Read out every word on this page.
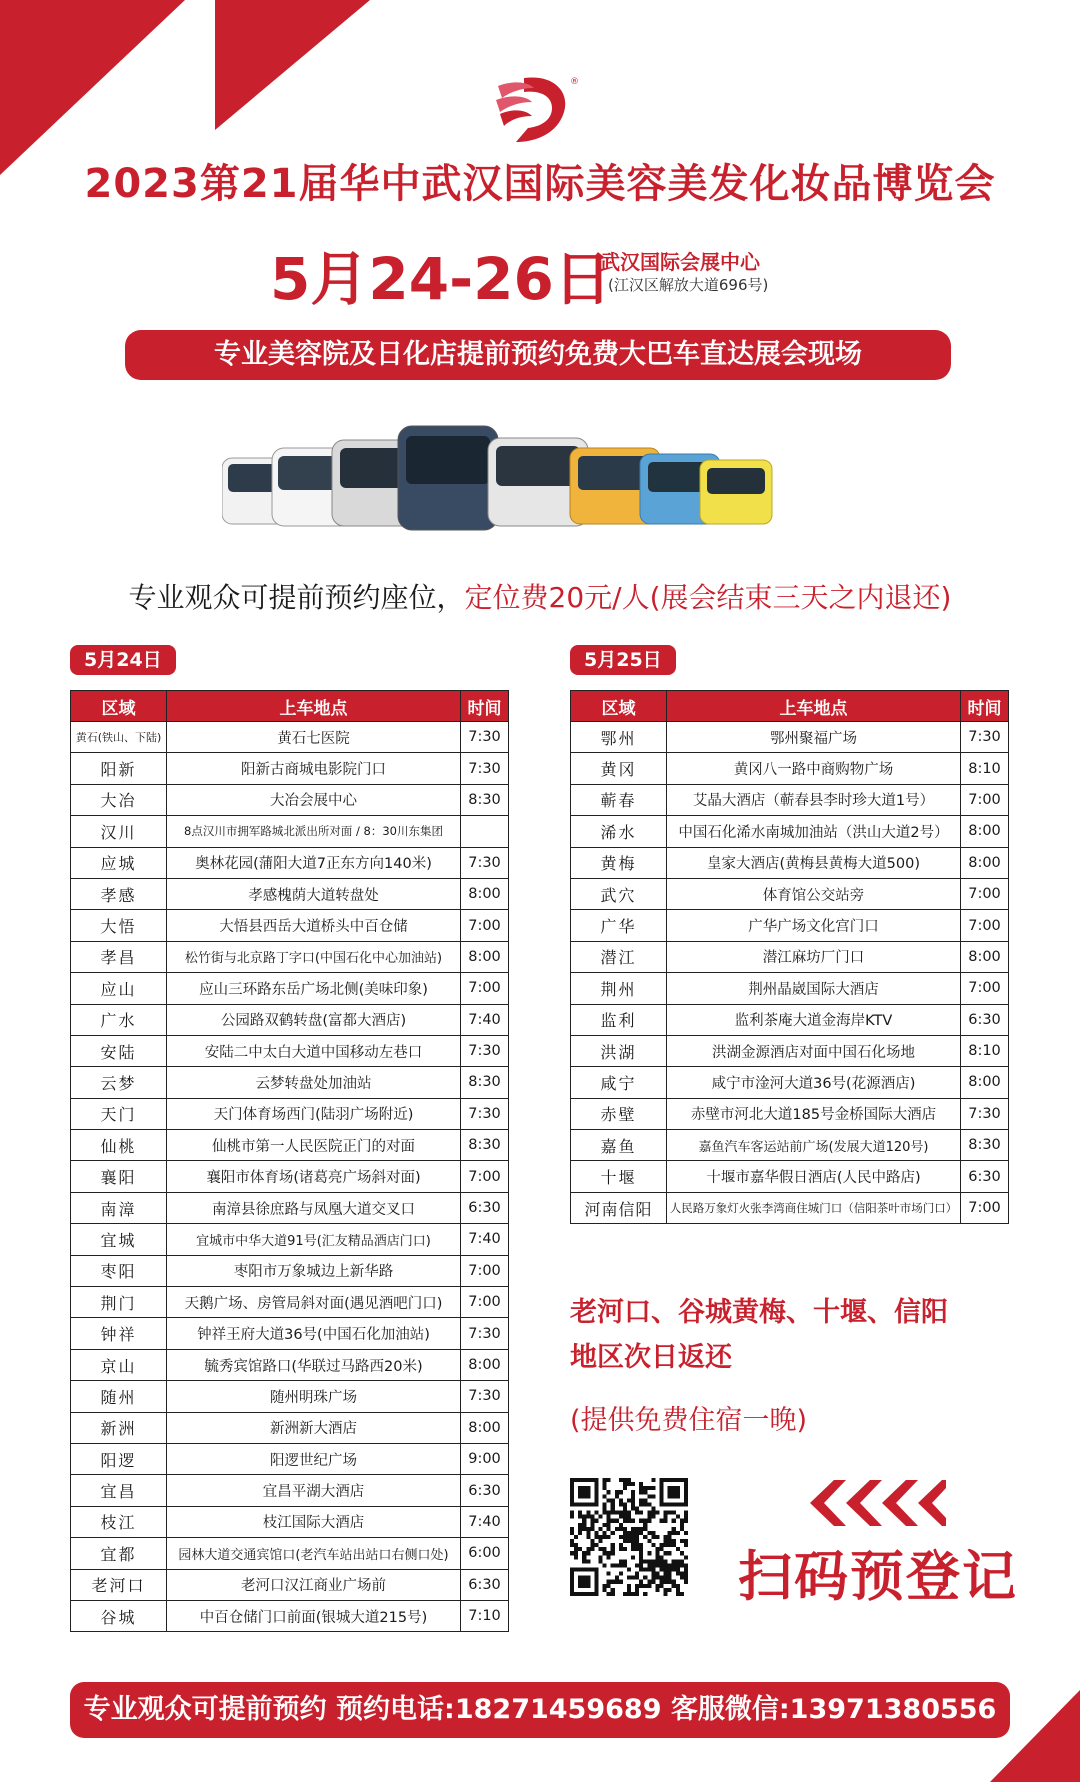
®
2023第21届华中武汉国际美容美发化妆品博览会
5月24-26日
武汉国际会展中心
(江汉区解放大道696号)
专业美容院及日化店提前预约免费大巴车直达展会现场
专业观众可提前预约座位，定位费20元/人(展会结束三天之内退还)
5月24日
区域	上车地点	时间
黄石(铁山、下陆)	黄石七医院	7:30
阳新	阳新古商城电影院门口	7:30
大冶	大冶会展中心	8:30
汉川	8点汉川市拥军路城北派出所对面 / 8：30川东集团	
应城	奥林花园(蒲阳大道7正东方向140米)	7:30
孝感	孝感槐荫大道转盘处	8:00
大悟	大悟县西岳大道桥头中百仓储	7:00
孝昌	松竹街与北京路丁字口(中国石化中心加油站)	8:00
应山	应山三环路东岳广场北侧(美味印象)	7:00
广水	公园路双鹤转盘(富都大酒店)	7:40
安陆	安陆二中太白大道中国移动左巷口	7:30
云梦	云梦转盘处加油站	8:30
天门	天门体育场西门(陆羽广场附近)	7:30
仙桃	仙桃市第一人民医院正门的对面	8:30
襄阳	襄阳市体育场(诸葛亮广场斜对面)	7:00
南漳	南漳县徐庶路与凤凰大道交叉口	6:30
宜城	宜城市中华大道91号(汇友精品酒店门口)	7:40
枣阳	枣阳市万象城边上新华路	7:00
荆门	天鹅广场、房管局斜对面(遇见酒吧门口)	7:00
钟祥	钟祥王府大道36号(中国石化加油站)	7:30
京山	毓秀宾馆路口(华联过马路西20米)	8:00
随州	随州明珠广场	7:30
新洲	新洲新大酒店	8:00
阳逻	阳逻世纪广场	9:00
宜昌	宜昌平湖大酒店	6:30
枝江	枝江国际大酒店	7:40
宜都	园林大道交通宾馆口(老汽车站出站口右侧口处)	6:00
老河口	老河口汉江商业广场前	6:30
谷城	中百仓储门口前面(银城大道215号)	7:10
5月25日
区域	上车地点	时间
鄂州	鄂州聚福广场	7:30
黄冈	黄冈八一路中商购物广场	8:10
蕲春	艾晶大酒店（蕲春县李时珍大道1号）	7:00
浠水	中国石化浠水南城加油站（洪山大道2号）	8:00
黄梅	皇家大酒店(黄梅县黄梅大道500)	8:00
武穴	体育馆公交站旁	7:00
广华	广华广场文化宫门口	7:00
潜江	潜江麻坊厂门口	8:00
荆州	荆州晶崴国际大酒店	7:00
监利	监利茶庵大道金海岸KTV	6:30
洪湖	洪湖金源酒店对面中国石化场地	8:10
咸宁	咸宁市淦河大道36号(花源酒店)	8:00
赤壁	赤壁市河北大道185号金桥国际大酒店	7:30
嘉鱼	嘉鱼汽车客运站前广场(发展大道120号)	8:30
十堰	十堰市嘉华假日酒店(人民中路店)	6:30
河南信阳	人民路万象灯火张李湾商住城门口（信阳茶叶市场门口）	7:00
老河口、谷城黄梅、十堰、信阳
地区次日返还
(提供免费住宿一晚)
扫码预登记
专业观众可提前预约 预约电话:18271459689 客服微信:13971380556
